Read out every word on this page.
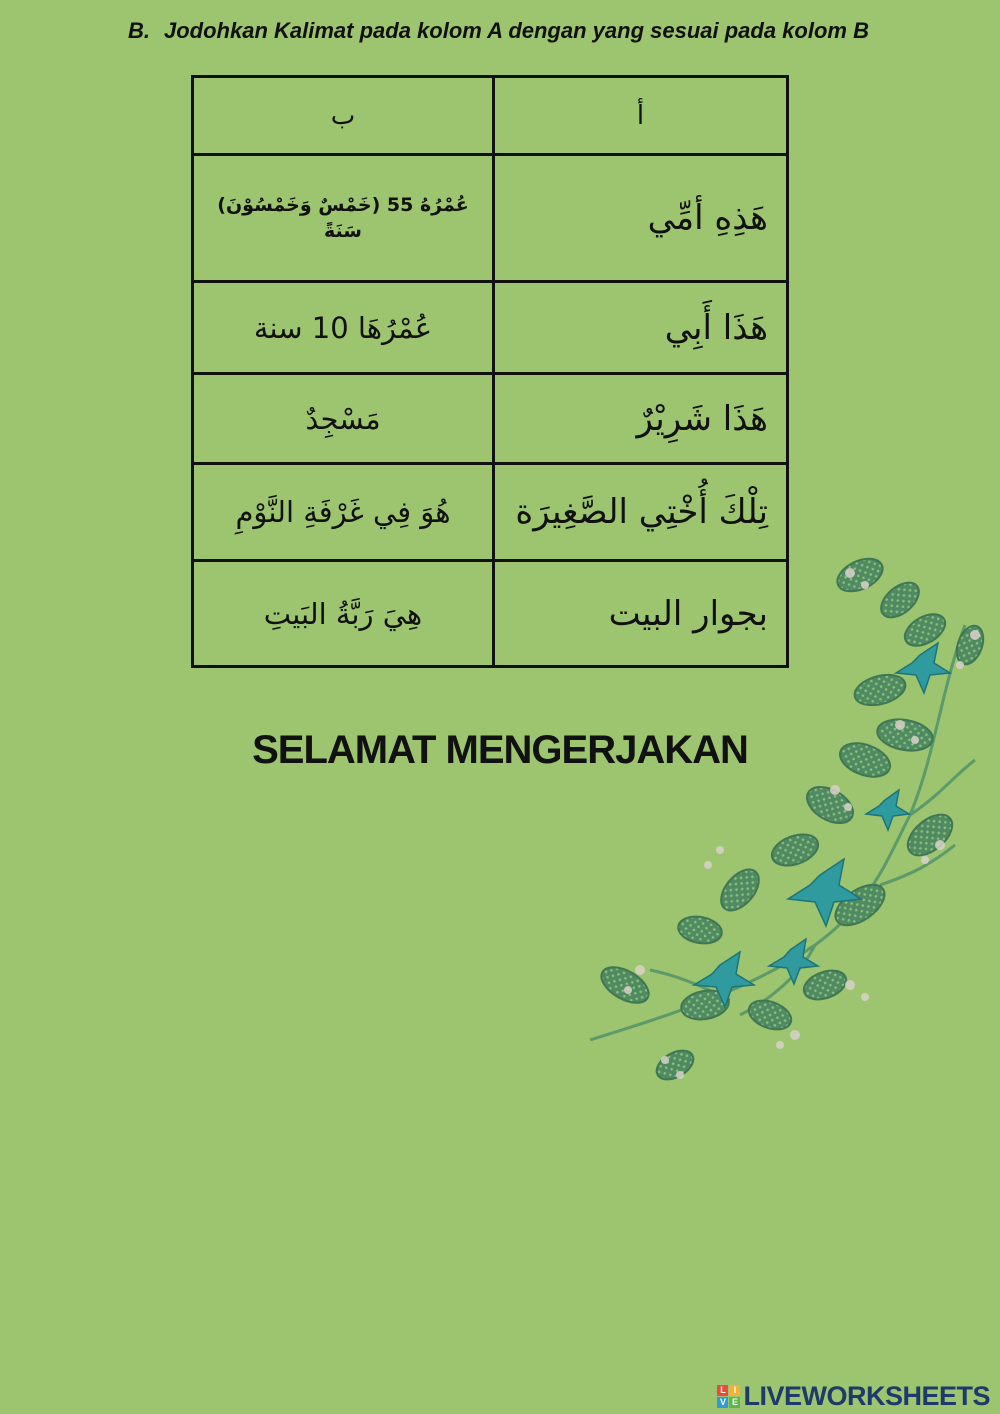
B. Jodohkan Kalimat pada kolom A dengan yang sesuai pada kolom B
ب	أ
عُمْرُهُ 55 (خَمْسٌ وَخَمْسُوْنَ) سَنَةً	هَذِهِ أمِّي
عُمْرُهَا 10 سنة	هَذَا أَبِي
مَسْجِدٌ	هَذَا شَرِيْرٌ
هُوَ فِي غَرْفَةِ النَّوْمِ	تِلْكَ أُخْتِي الصَّغِيرَة
هِيَ رَبَّةُ البَيتِ	بجوار البيت
SELAMAT MENGERJAKAN
L I
V E LIVEWORKSHEETS
